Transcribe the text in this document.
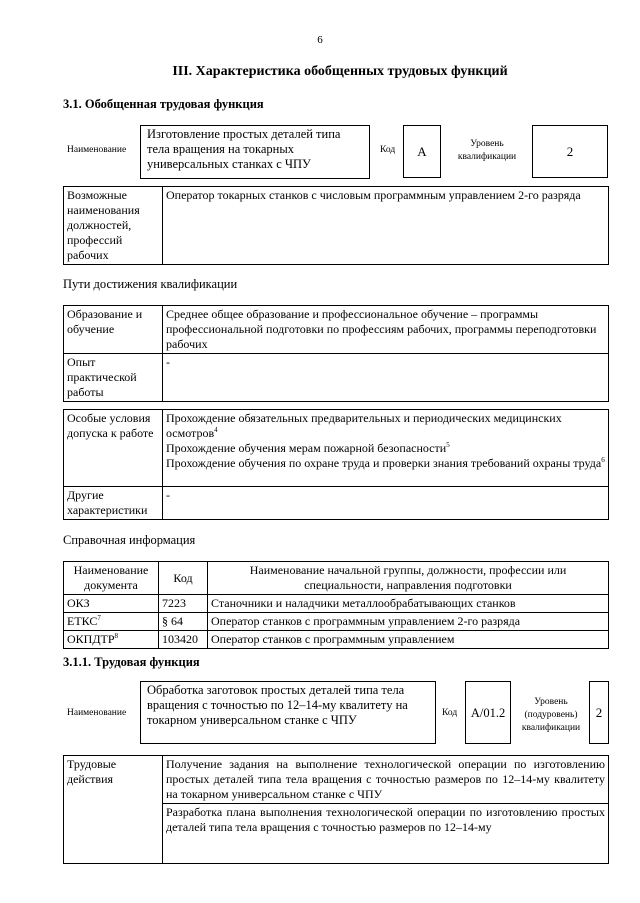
6
III. Характеристика обобщенных трудовых функций
3.1. Обобщенная трудовая функция
Наименование
Изготовление простых деталей типа тела вращения на токарных универсальных станках с ЧПУ
Код	А	Уровень квалификации	2
Возможные наименования должностей, профессий рабочих	Оператор токарных станков с числовым программным управлением 2-го разряда
Пути достижения квалификации
Образование и обучение	Среднее общее образование и профессиональное обучение – программы профессиональной подготовки по профессиям рабочих, программы переподготовки рабочих
Опыт практической работы	-
Особые условия допуска к работе	Прохождение обязательных предварительных и периодических медицинских осмотров$^4$
Прохождение обучения мерам пожарной безопасности$^5$
Прохождение обучения по охране труда и проверки знания требований охраны труда$^6$

Другие характеристики	-
Справочная информация
Наименование документа	Код	Наименование начальной группы, должности, профессии или специальности, направления подготовки
ОКЗ	7223	Станочники и наладчики металлообрабатывающих станков
ЕТКС$^7$	§ 64	Оператор станков с программным управлением 2-го разряда
ОКПДТР$^8$	103420	Оператор станков с программным управлением
3.1.1. Трудовая функция
Наименование
Обработка заготовок простых деталей типа тела вращения с точностью по 12–14-му квалитету на токарном универсальном станке с ЧПУ	Код	А/01.2
Уровень (подуровень) квалификации
2
Трудовые действия	Получение задания на выполнение технологической операции по изготовлению простых деталей типа тела вращения с точностью размеров по 12–14-му квалитету на токарном универсальном станке с ЧПУ
Разработка плана выполнения технологической операции по изготовлению простых деталей типа тела вращения с точностью размеров по 12–14-му
